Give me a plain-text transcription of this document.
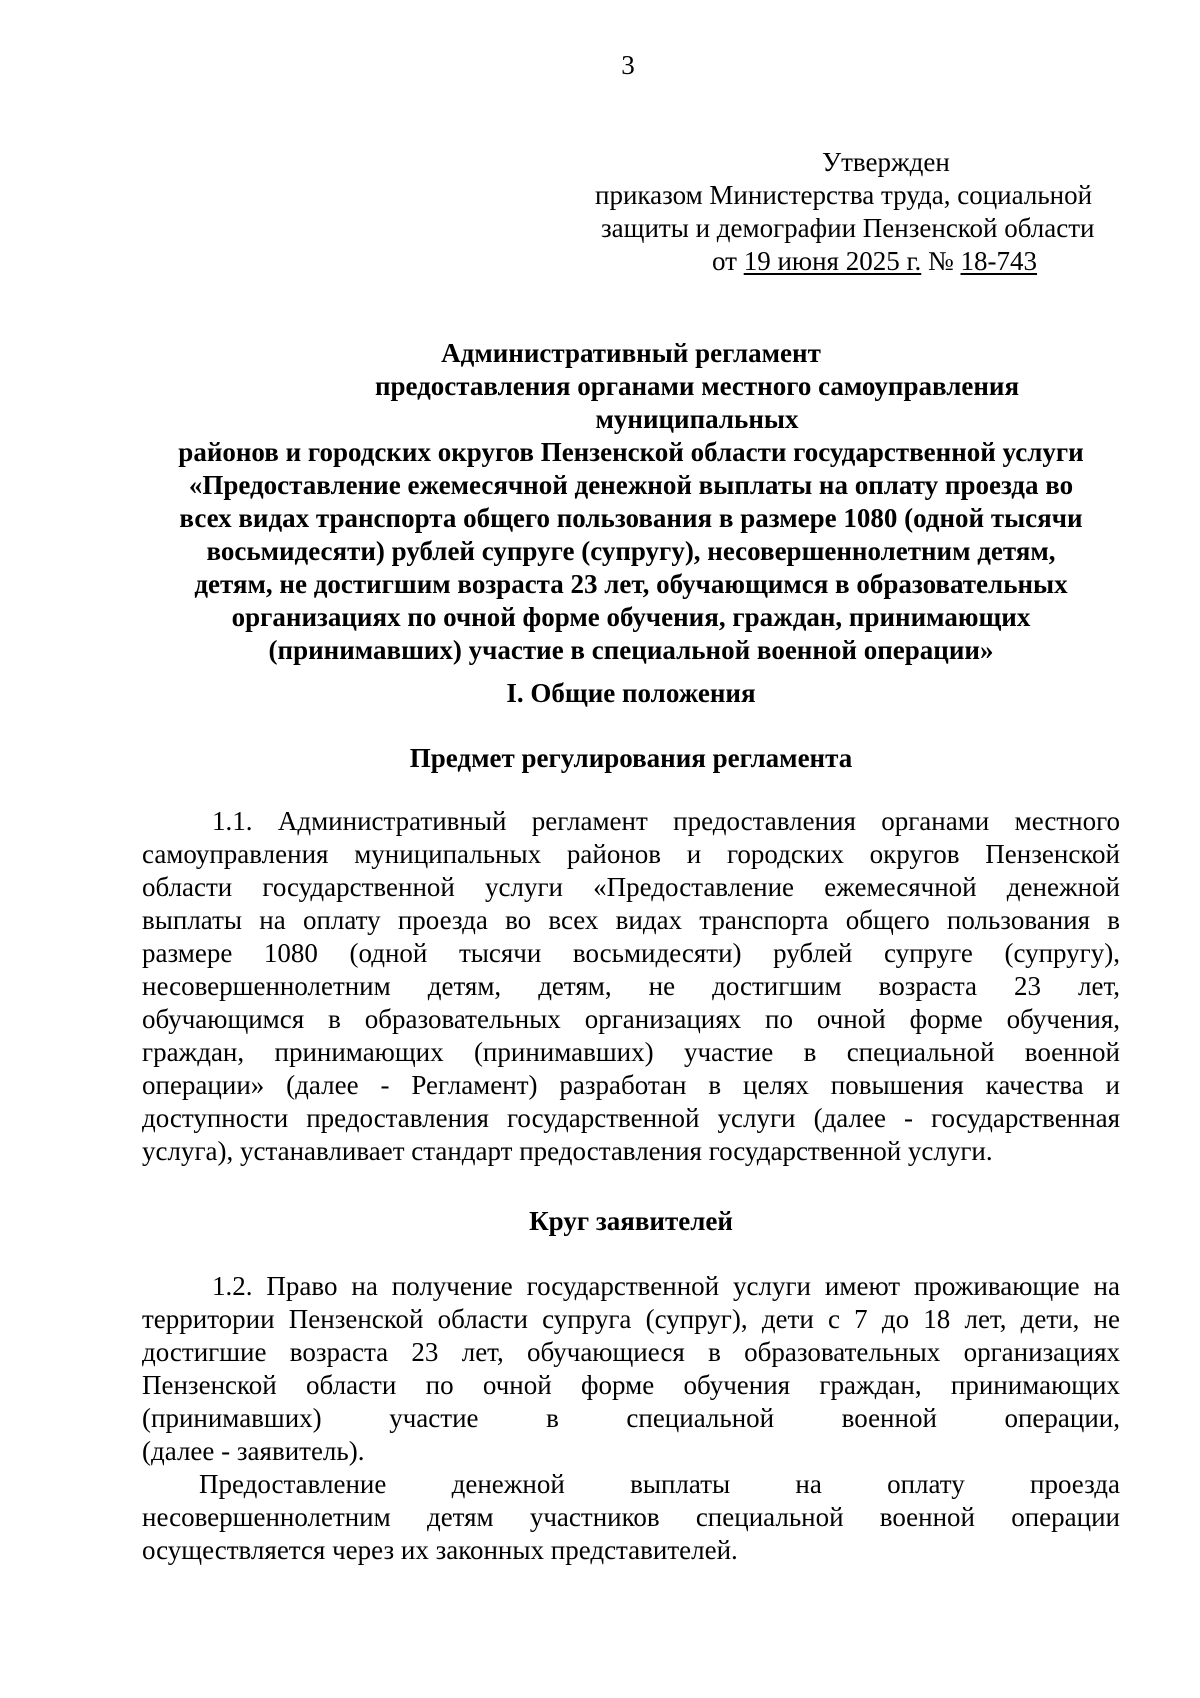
3
Утвержден
приказом Министерства труда, социальной
защиты и демографии Пензенской области
от 19 июня 2025 г. № 18-743
Административный регламент
предоставления органами местного самоуправления муниципальных
районов и городских округов Пензенской области государственной услуги
«Предоставление ежемесячной денежной выплаты на оплату проезда во
всех видах транспорта общего пользования в размере 1080 (одной тысячи
восьмидесяти) рублей супруге (супругу), несовершеннолетним детям,
детям, не достигшим возраста 23 лет, обучающимся в образовательных
организациях по очной форме обучения, граждан, принимающих
(принимавших) участие в специальной военной операции»
I. Общие положения
Предмет регулирования регламента
1.1. Административный регламент предоставления органами местного
самоуправления муниципальных районов и городских округов Пензенской
области государственной услуги «Предоставление ежемесячной денежной
выплаты на оплату проезда во всех видах транспорта общего пользования в
размере 1080 (одной тысячи восьмидесяти) рублей супруге (супругу),
несовершеннолетним детям, детям, не достигшим возраста 23 лет,
обучающимся в образовательных организациях по очной форме обучения,
граждан, принимающих (принимавших) участие в специальной военной
операции» (далее - Регламент) разработан в целях повышения качества и
доступности предоставления государственной услуги (далее - государственная
услуга), устанавливает стандарт предоставления государственной услуги.
Круг заявителей
1.2. Право на получение государственной услуги имеют проживающие на
территории Пензенской области супруга (супруг), дети с 7 до 18 лет, дети, не
достигшие возраста 23 лет, обучающиеся в образовательных организациях
Пензенской области по очной форме обучения граждан, принимающих
(принимавших) участие в специальной военной операции,
(далее - заявитель).
Предоставление денежной выплаты на оплату проезда
несовершеннолетним детям участников специальной военной операции
осуществляется через их законных представителей.
